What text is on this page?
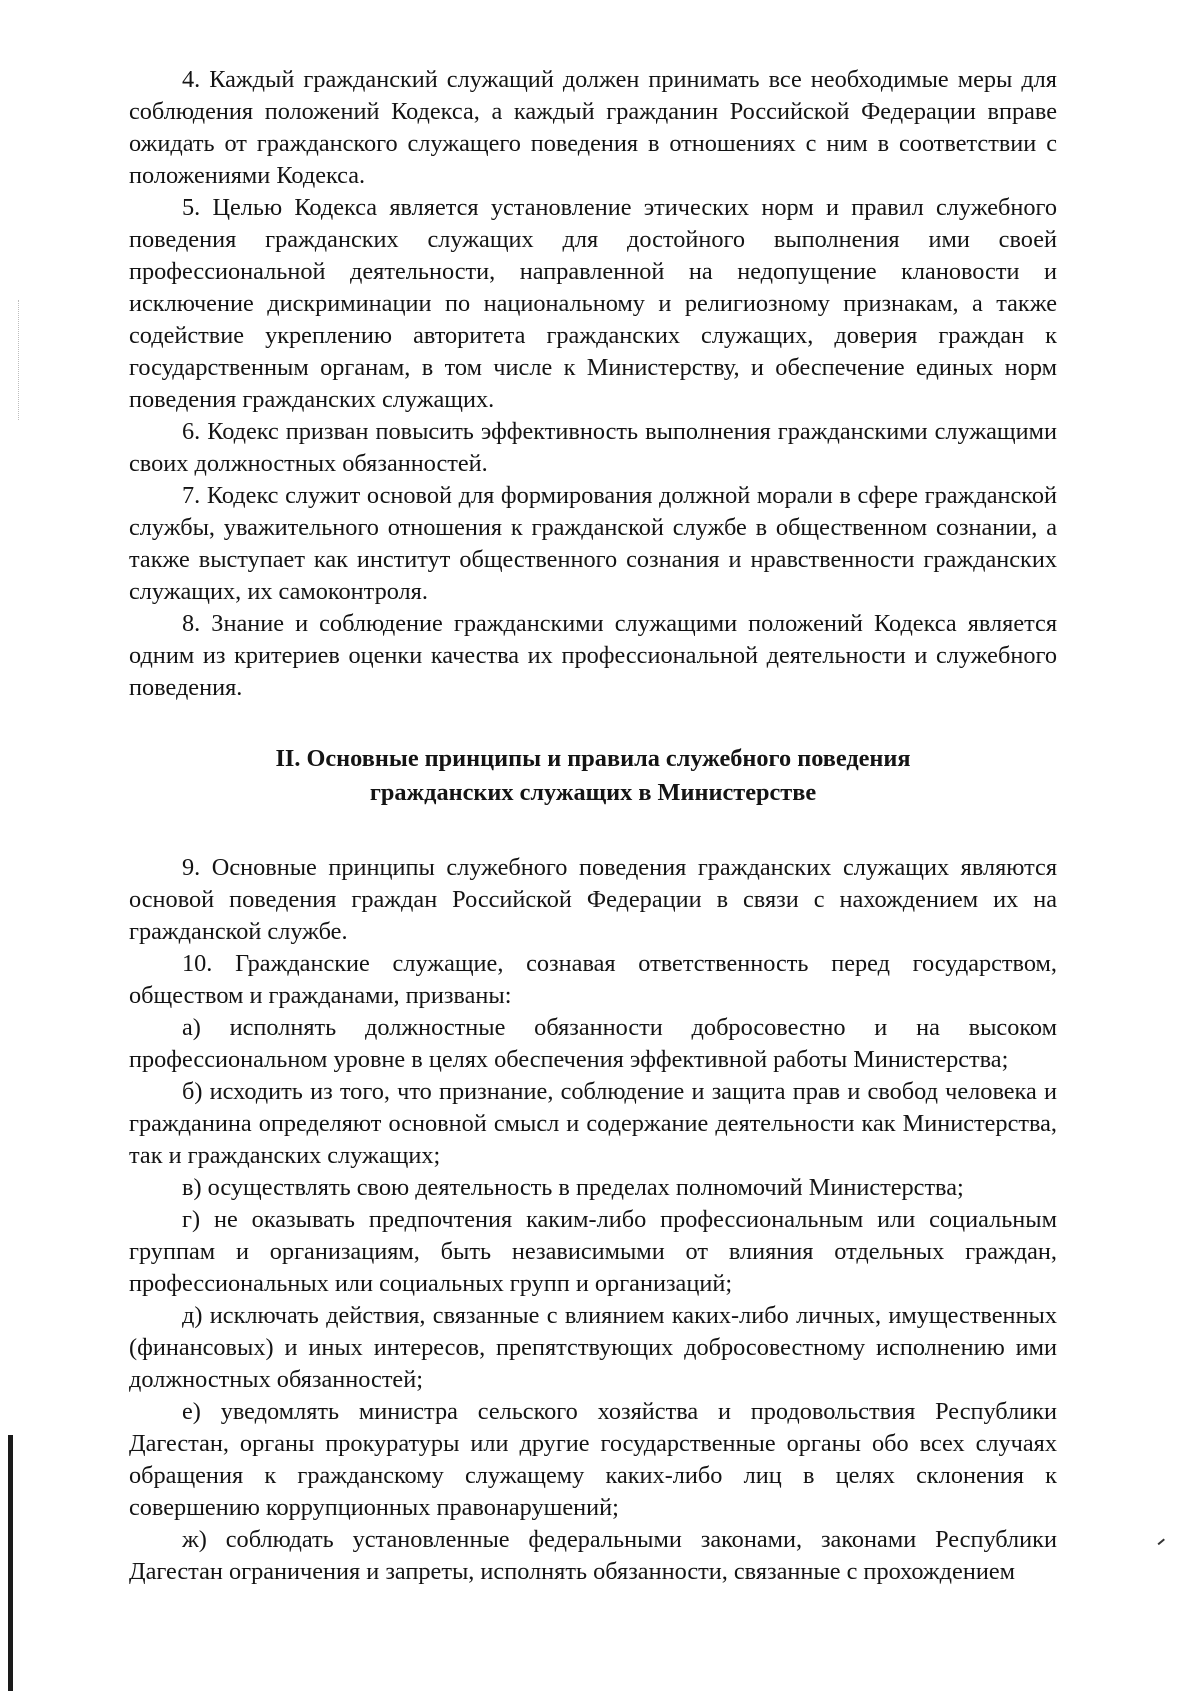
4. Каждый гражданский служащий должен принимать все необходимые меры для соблюдения положений Кодекса, а каждый гражданин Российской Федерации вправе ожидать от гражданского служащего поведения в отношениях с ним в соответствии с положениями Кодекса.

5. Целью Кодекса является установление этических норм и правил служебного поведения гражданских служащих для достойного выполнения ими своей профессиональной деятельности, направленной на недопущение клановости и исключение дискриминации по национальному и религиозному признакам, а также содействие укреплению авторитета гражданских служащих, доверия граждан к государственным органам, в том числе к Министерству, и обеспечение единых норм поведения гражданских служащих.

6. Кодекс призван повысить эффективность выполнения гражданскими служащими своих должностных обязанностей.

7. Кодекс служит основой для формирования должной морали в сфере гражданской службы, уважительного отношения к гражданской службе в общественном сознании, а также выступает как институт общественного сознания и нравственности гражданских служащих, их самоконтроля.

8. Знание и соблюдение гражданскими служащими положений Кодекса является одним из критериев оценки качества их профессиональной деятельности и служебного поведения.

II. Основные принципы и правила служебного поведения
гражданских служащих в Министерстве

9. Основные принципы служебного поведения гражданских служащих являются основой поведения граждан Российской Федерации в связи с нахождением их на гражданской службе.

10. Гражданские служащие, сознавая ответственность перед государством, обществом и гражданами, призваны:

а) исполнять должностные обязанности добросовестно и на высоком профессиональном уровне в целях обеспечения эффективной работы Министерства;

б) исходить из того, что признание, соблюдение и защита прав и свобод человека и гражданина определяют основной смысл и содержание деятельности как Министерства, так и гражданских служащих;

в) осуществлять свою деятельность в пределах полномочий Министерства;

г) не оказывать предпочтения каким-либо профессиональным или социальным группам и организациям, быть независимыми от влияния отдельных граждан, профессиональных или социальных групп и организаций;

д) исключать действия, связанные с влиянием каких-либо личных, имущественных (финансовых) и иных интересов, препятствующих добросовестному исполнению ими должностных обязанностей;

е) уведомлять министра сельского хозяйства и продовольствия Республики Дагестан, органы прокуратуры или другие государственные органы обо всех случаях обращения к гражданскому служащему каких-либо лиц в целях склонения к совершению коррупционных правонарушений;

ж) соблюдать установленные федеральными законами, законами Республики Дагестан ограничения и запреты, исполнять обязанности, связанные с прохождением
